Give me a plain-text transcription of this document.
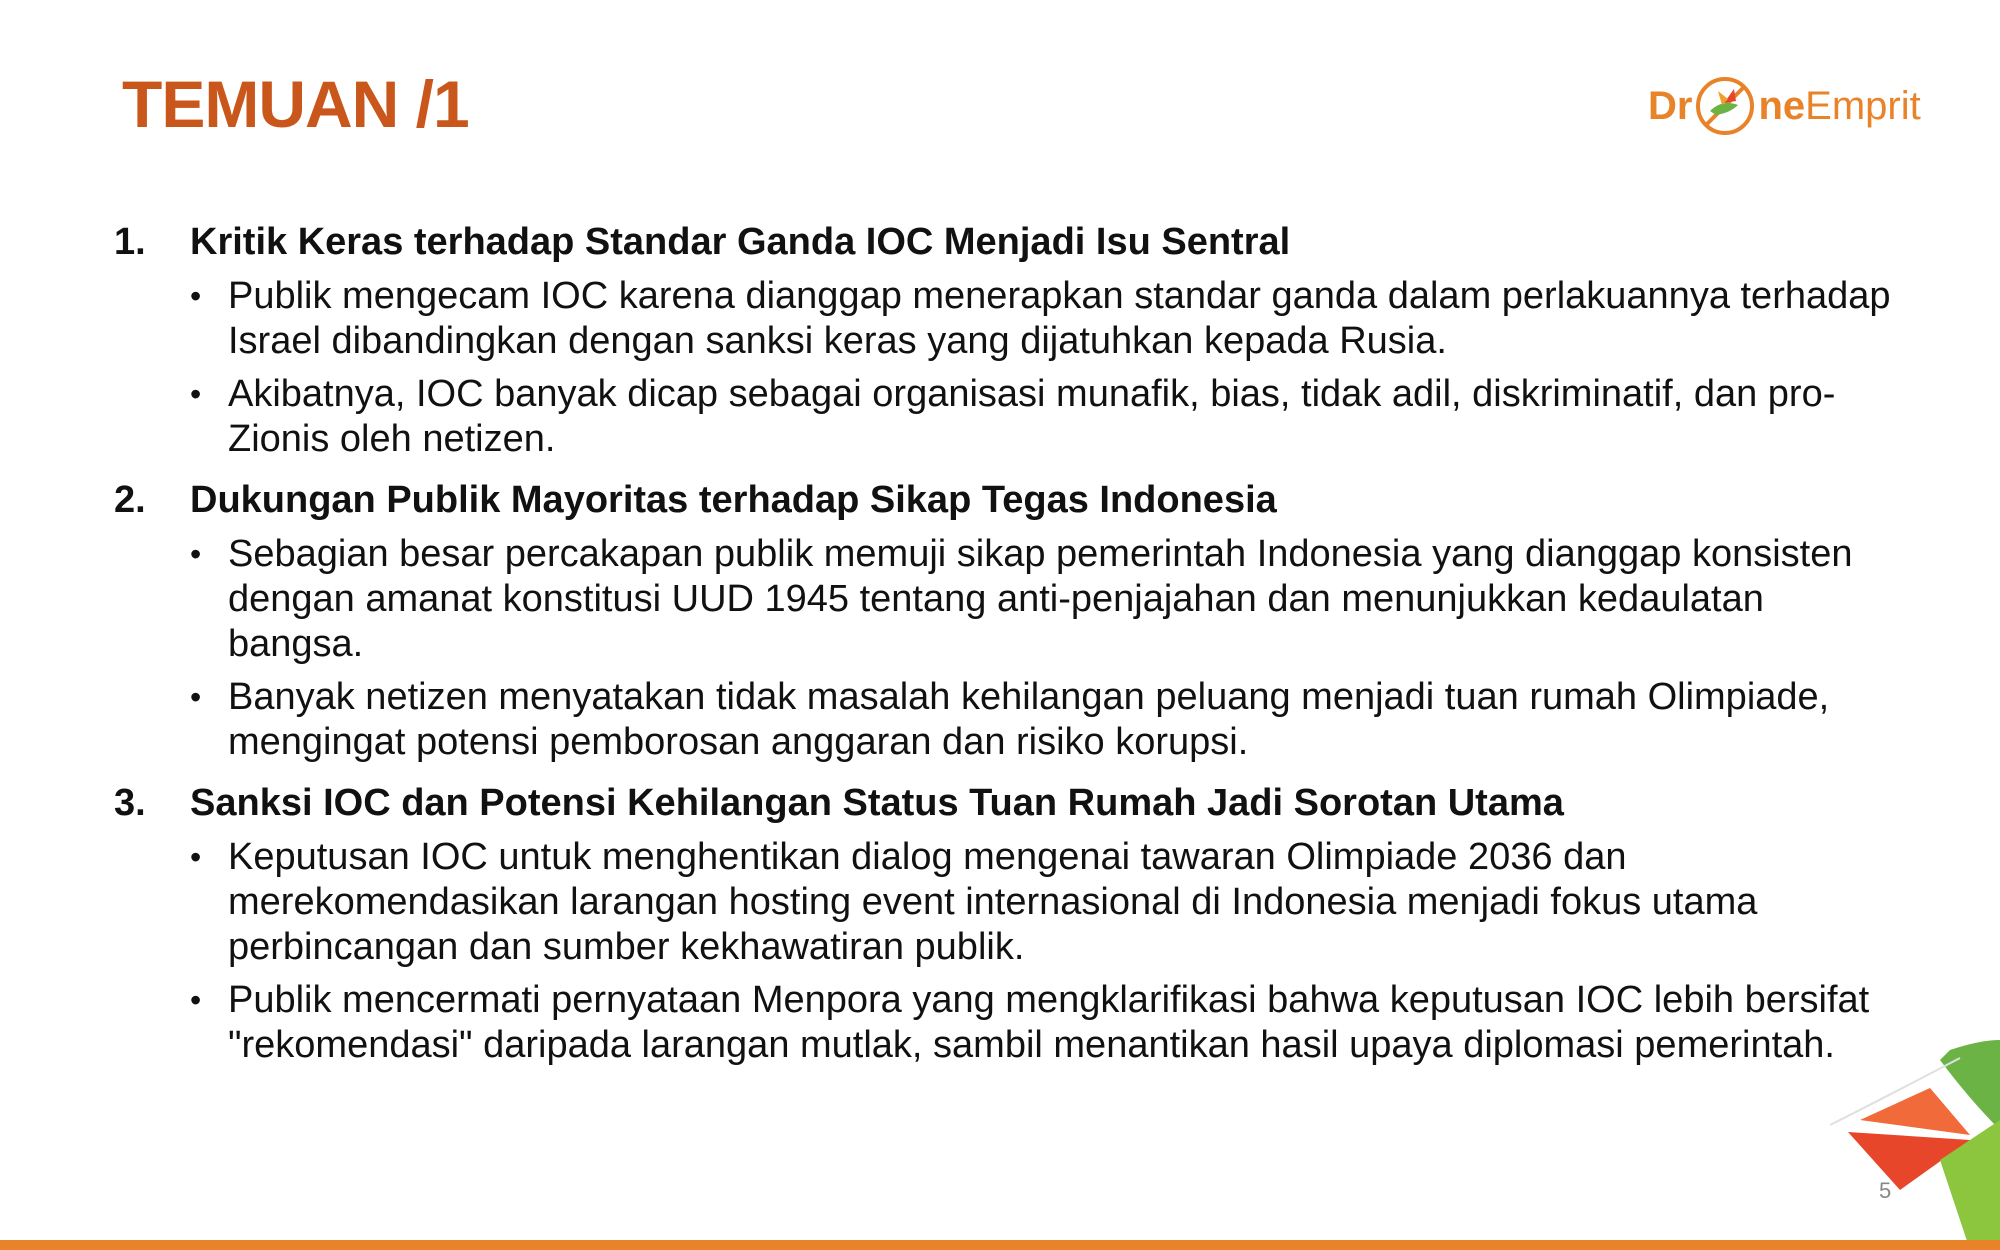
TEMUAN /1	Dr ne Emprit
1.	Kritik Keras terhadap Standar Ganda IOC Menjadi Isu Sentral
• Publik mengecam IOC karena dianggap menerapkan standar ganda dalam perlakuannya terhadap Israel dibandingkan dengan sanksi keras yang dijatuhkan kepada Rusia.
• Akibatnya, IOC banyak dicap sebagai organisasi munafik, bias, tidak adil, diskriminatif, dan pro-Zionis oleh netizen.
2.	Dukungan Publik Mayoritas terhadap Sikap Tegas Indonesia
• Sebagian besar percakapan publik memuji sikap pemerintah Indonesia yang dianggap konsisten dengan amanat konstitusi UUD 1945 tentang anti-penjajahan dan menunjukkan kedaulatan bangsa.
• Banyak netizen menyatakan tidak masalah kehilangan peluang menjadi tuan rumah Olimpiade, mengingat potensi pemborosan anggaran dan risiko korupsi.
3.	Sanksi IOC dan Potensi Kehilangan Status Tuan Rumah Jadi Sorotan Utama
• Keputusan IOC untuk menghentikan dialog mengenai tawaran Olimpiade 2036 dan merekomendasikan larangan hosting event internasional di Indonesia menjadi fokus utama perbincangan dan sumber kekhawatiran publik.
• Publik mencermati pernyataan Menpora yang mengklarifikasi bahwa keputusan IOC lebih bersifat "rekomendasi" daripada larangan mutlak, sambil menantikan hasil upaya diplomasi pemerintah.
5
